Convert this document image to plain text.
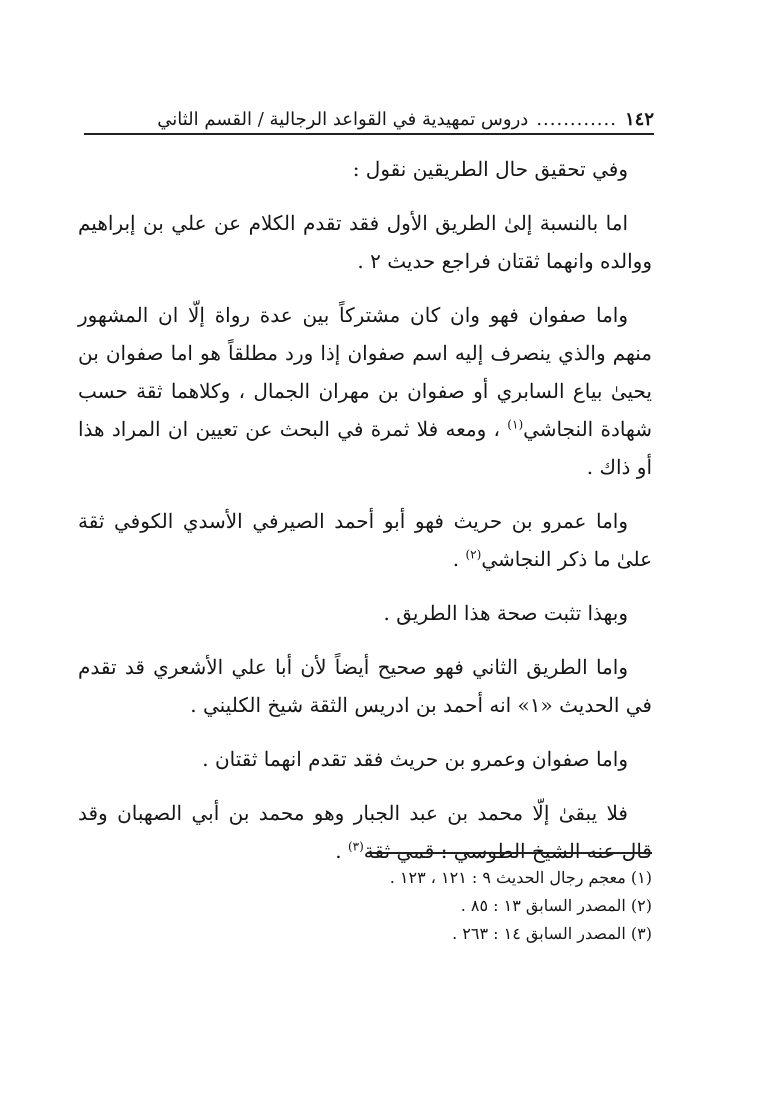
١٤٢
............
دروس تمهيدية في القواعد الرجالية / القسم الثاني

وفي تحقيق حال الطريقين نقول :

اما بالنسبة إلىٰ الطريق الأول فقد تقدم الكلام عن علي بن إبراهيم ووالده وانهما ثقتان فراجع حديث ٢ .

واما صفوان فهو وان كان مشتركاً بين عدة رواة إلّا ان المشهور منهم والذي ينصرف إليه اسم صفوان إذا ورد مطلقاً هو اما صفوان بن يحيىٰ بياع السابري أو صفوان بن مهران الجمال ، وكلاهما ثقة حسب شهادة النجاشي$^{(١)}$ ، ومعه فلا ثمرة في البحث عن تعيين ان المراد هذا أو ذاك .

واما عمرو بن حريث فهو أبو أحمد الصيرفي الأسدي الكوفي ثقة علىٰ ما ذكر النجاشي$^{(٢)}$ .

وبهذا تثبت صحة هذا الطريق .

واما الطريق الثاني فهو صحيح أيضاً لأن أبا علي الأشعري قد تقدم في الحديث «١» انه أحمد بن ادريس الثقة شيخ الكليني .

واما صفوان وعمرو بن حريث فقد تقدم انهما ثقتان .

فلا يبقىٰ إلّا محمد بن عبد الجبار وهو محمد بن أبي الصهبان وقد قال عنه الشيخ الطوسي : قمي ثقة$^{(٣)}$ .

(١) معجم رجال الحديث ٩ : ١٢١ ، ١٢٣ .

(٢) المصدر السابق ١٣ : ٨٥ .

(٣) المصدر السابق ١٤ : ٢٦٣ .
